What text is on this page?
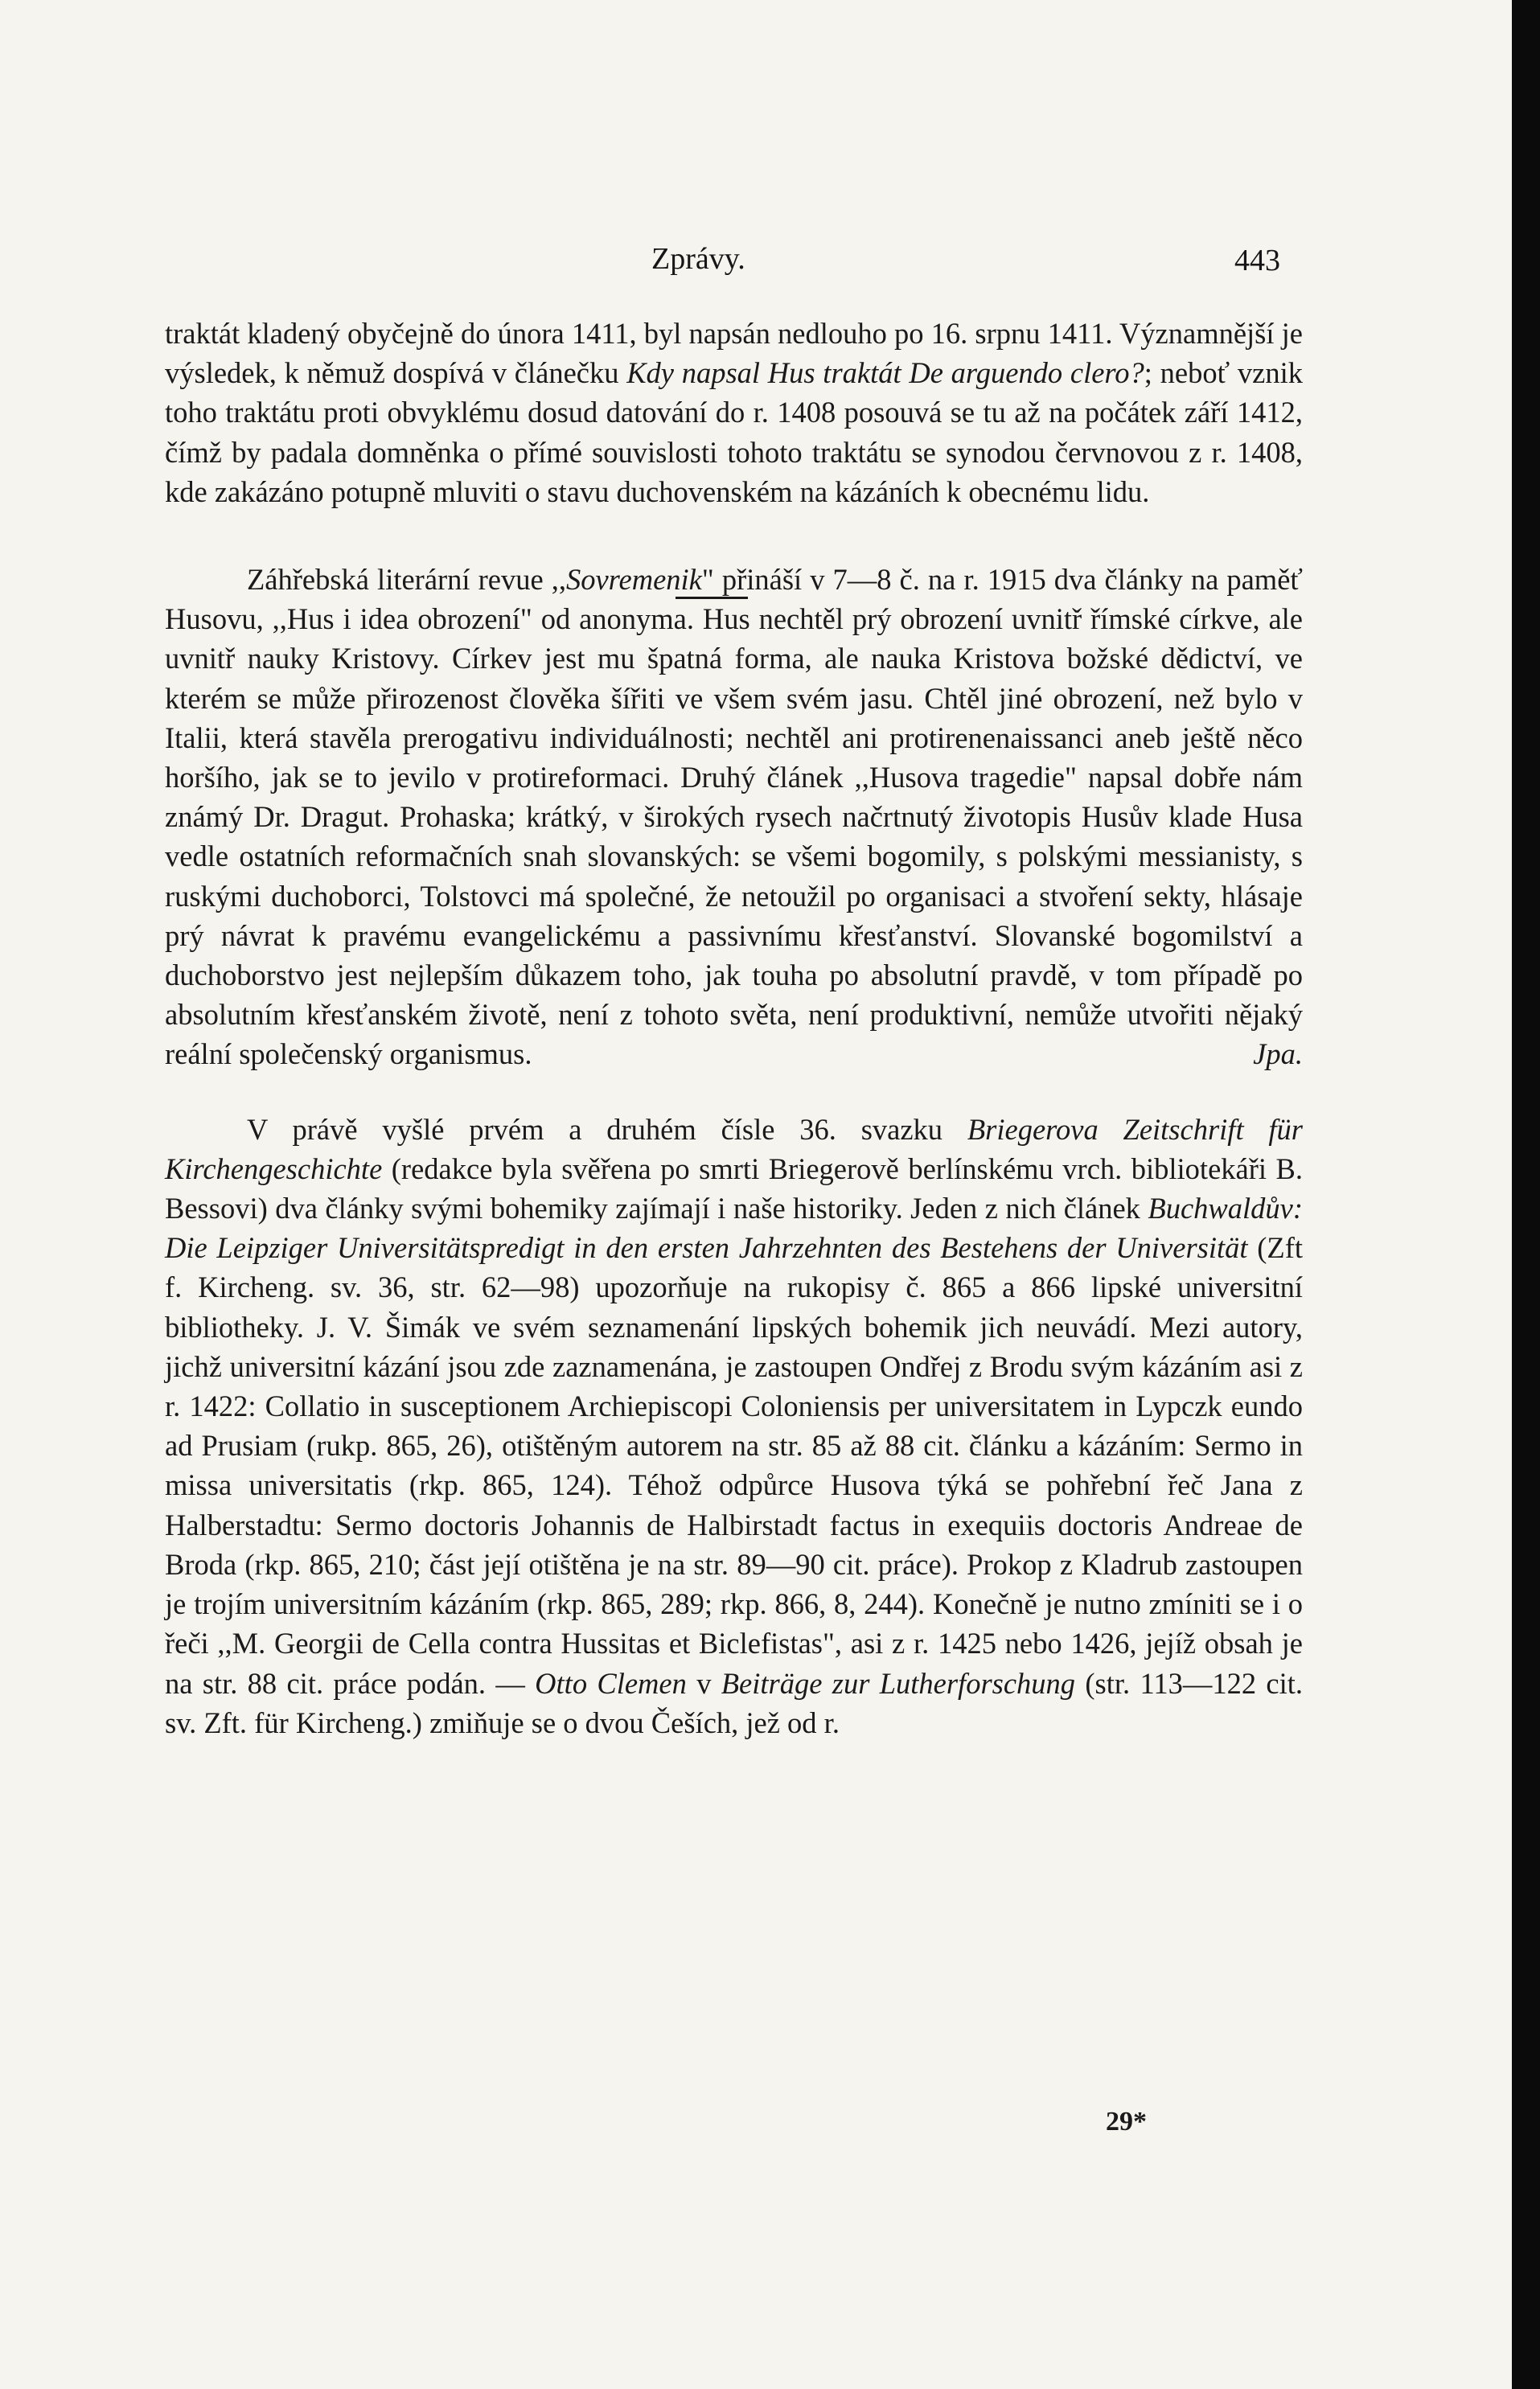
Zprávy.	443

traktát kladený obyčejně do února 1411, byl napsán nedlouho po 16. srpnu 1411. Významnější je výsledek, k němuž dospívá v článečku Kdy napsal Hus traktát De arguendo clero?; neboť vznik toho traktátu proti obvyklému dosud datování do r. 1408 posouvá se tu až na počátek září 1412, čímž by padala domněnka o přímé souvislosti tohoto traktátu se synodou červnovou z r. 1408, kde zakázáno potupně mluviti o stavu duchovenském na kázáních k obecnému lidu.

Záhřebská literární revue ,,Sovremenik" přináší v 7—8 č. na r. 1915 dva články na paměť Husovu, ,,Hus i idea obrození" od anonyma. Hus nechtěl prý obrození uvnitř římské církve, ale uvnitř nauky Kristovy. Církev jest mu špatná forma, ale nauka Kristova božské dědictví, ve kterém se může přirozenost člověka šířiti ve všem svém jasu. Chtěl jiné obrození, než bylo v Italii, která stavěla prerogativu individuálnosti; nechtěl ani protirenenaissanci aneb ještě něco horšího, jak se to jevilo v protireformaci. Druhý článek ,,Husova tragedie" napsal dobře nám známý Dr. Dragut. Prohaska; krátký, v širokých rysech načrtnutý životopis Husův klade Husa vedle ostatních reformačních snah slovanských: se všemi bogomily, s polskými messianisty, s ruskými duchoborci, Tolstovci má společné, že netoužil po organisaci a stvoření sekty, hlásaje prý návrat k pravému evangelickému a passivnímu křesťanství. Slovanské bogomilství a duchoborstvo jest nejlepším důkazem toho, jak touha po absolutní pravdě, v tom případě po absolutním křesťanském životě, není z tohoto světa, není produktivní, nemůže utvořiti nějaký reální společenský organismus.	Jpa.

V právě vyšlé prvém a druhém čísle 36. svazku Briegerova Zeitschrift für Kirchengeschichte (redakce byla svěřena po smrti Briegerově berlínskému vrch. bibliotekáři B. Bessovi) dva články svými bohemiky zajímají i naše historiky. Jeden z nich článek Buchwaldův: Die Leipziger Universitätspredigt in den ersten Jahrzehnten des Bestehens der Universität (Zft f. Kircheng. sv. 36, str. 62—98) upozorňuje na rukopisy č. 865 a 866 lipské universitní bibliotheky. J. V. Šimák ve svém seznamenání lipských bohemik jich neuvádí. Mezi autory, jichž universitní kázání jsou zde zaznamenána, je zastoupen Ondřej z Brodu svým kázáním asi z r. 1422: Collatio in susceptionem Archiepiscopi Coloniensis per universitatem in Lypczk eundo ad Prusiam (rukp. 865, 26), otištěným autorem na str. 85 až 88 cit. článku a kázáním: Sermo in missa universitatis (rkp. 865, 124). Téhož odpůrce Husova týká se pohřební řeč Jana z Halberstadtu: Sermo doctoris Johannis de Halbirstadt factus in exequiis doctoris Andreae de Broda (rkp. 865, 210; část její otištěna je na str. 89—90 cit. práce). Prokop z Kladrub zastoupen je trojím universitním kázáním (rkp. 865, 289; rkp. 866, 8, 244). Konečně je nutno zmíniti se i o řeči ,,M. Georgii de Cella contra Hussitas et Biclefistas", asi z r. 1425 nebo 1426, jejíž obsah je na str. 88 cit. práce podán. — Otto Clemen v Beiträge zur Lutherforschung (str. 113—122 cit. sv. Zft. für Kircheng.) zmiňuje se o dvou Češích, jež od r.

29*
